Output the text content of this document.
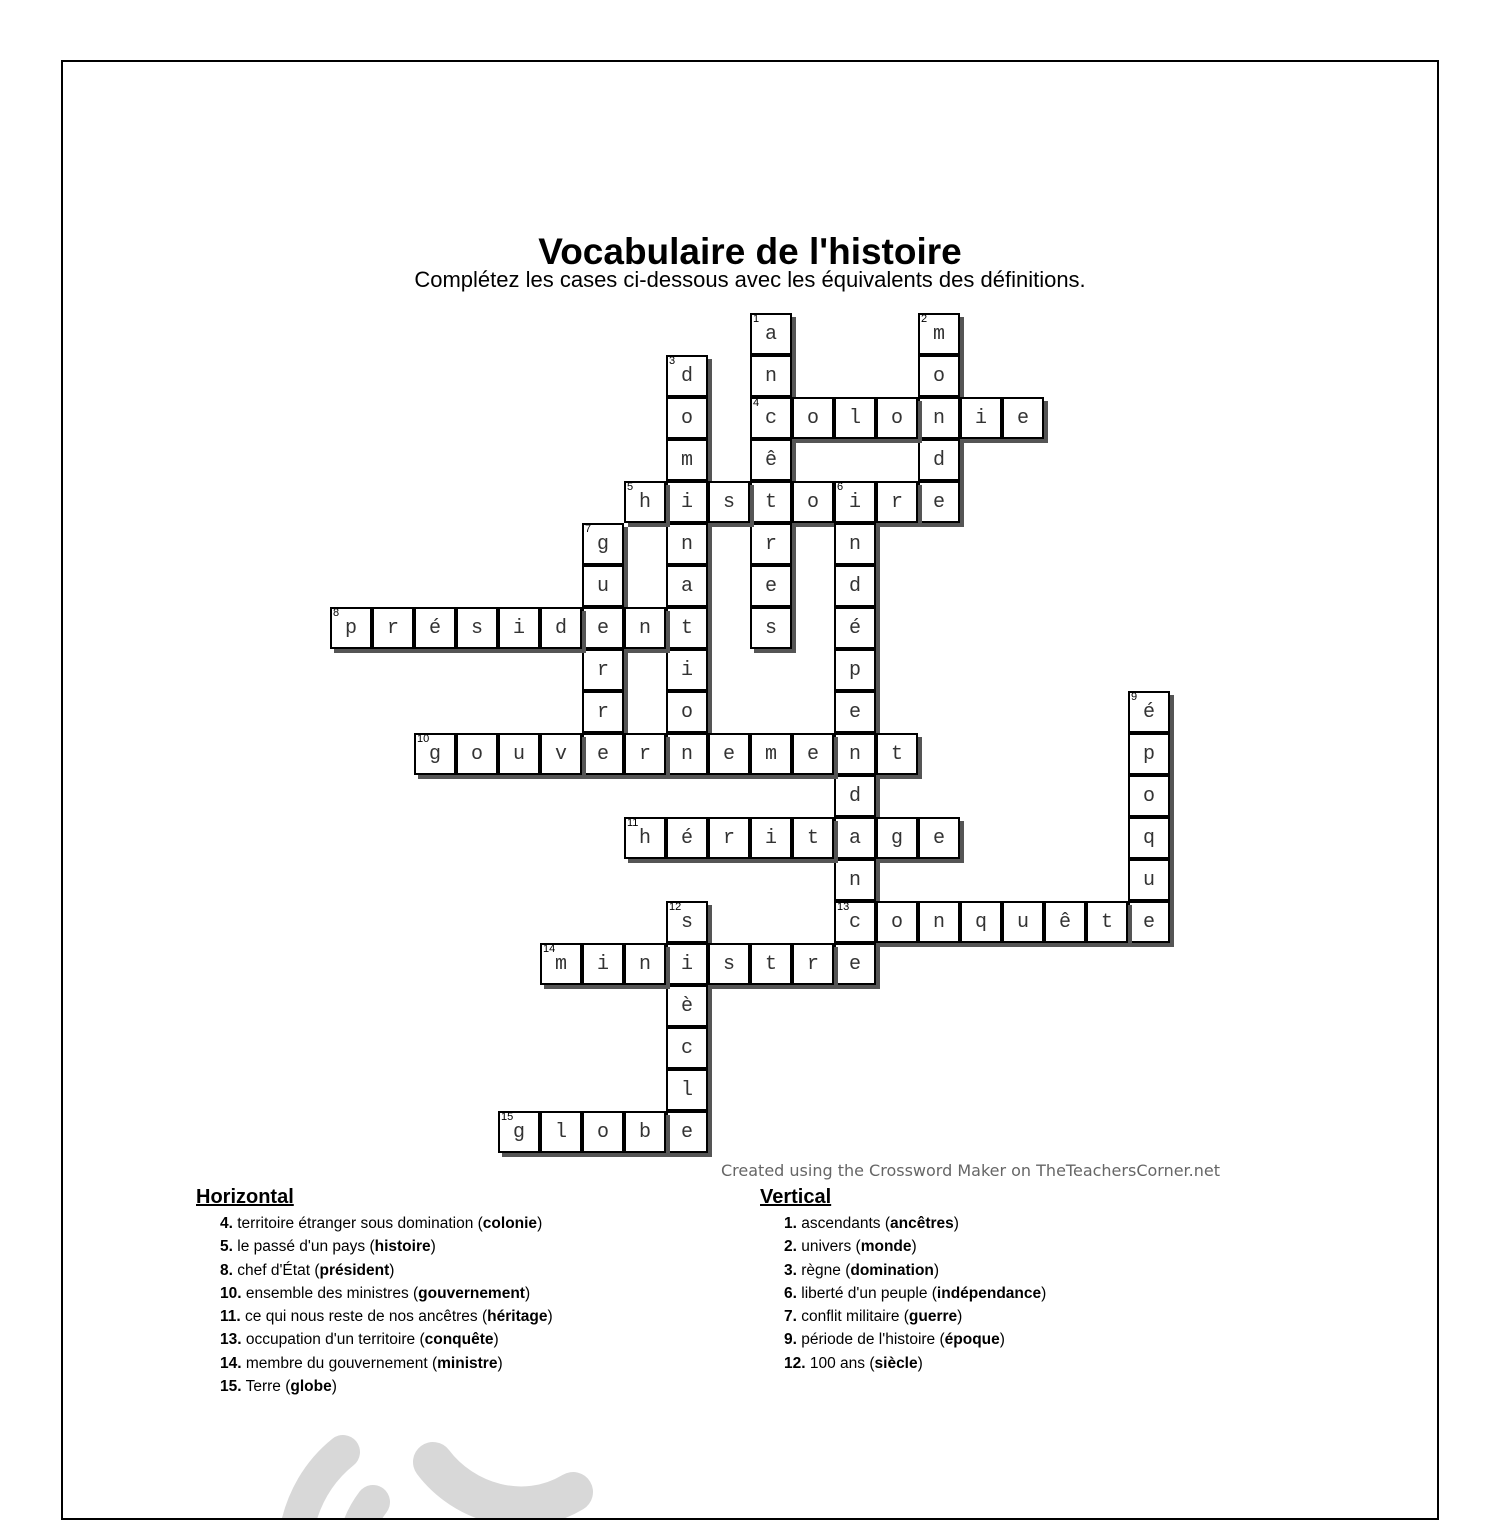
Vocabulaire de l'histoire
Complétez les cases ci-dessous avec les équivalents des définitions.
a
1
n
c
4
ê
t
r
e
s
m
2
o
n
d
e
d
3
o
m
i
n
a
t
i
o
n
o l o	i e
h
5
s	o i
6
r
n
d
é
p
e
n
d
a
n
c
13
e
g
7
u
e
r
r
e
p
8
r é s i d	n
é
9
p
o
q
u
e
g
10
o u v	r	e m e	t
h
11
é r i t	g e
s
12
i
è
c
l
e
o n q u ê t
m
14
i n	s t r
g
15
l o b
Created using the Crossword Maker on TheTeachersCorner.net
Horizontal
4. territoire étranger sous domination (colonie)
5. le passé d'un pays (histoire)
8. chef d'État (président)
10. ensemble des ministres (gouvernement)
11. ce qui nous reste de nos ancêtres (héritage)
13. occupation d'un territoire (conquête)
14. membre du gouvernement (ministre)
15. Terre (globe)
Vertical
1. ascendants (ancêtres)
2. univers (monde)
3. règne (domination)
6. liberté d'un peuple (indépendance)
7. conflit militaire (guerre)
9. période de l'histoire (époque)
12. 100 ans (siècle)
